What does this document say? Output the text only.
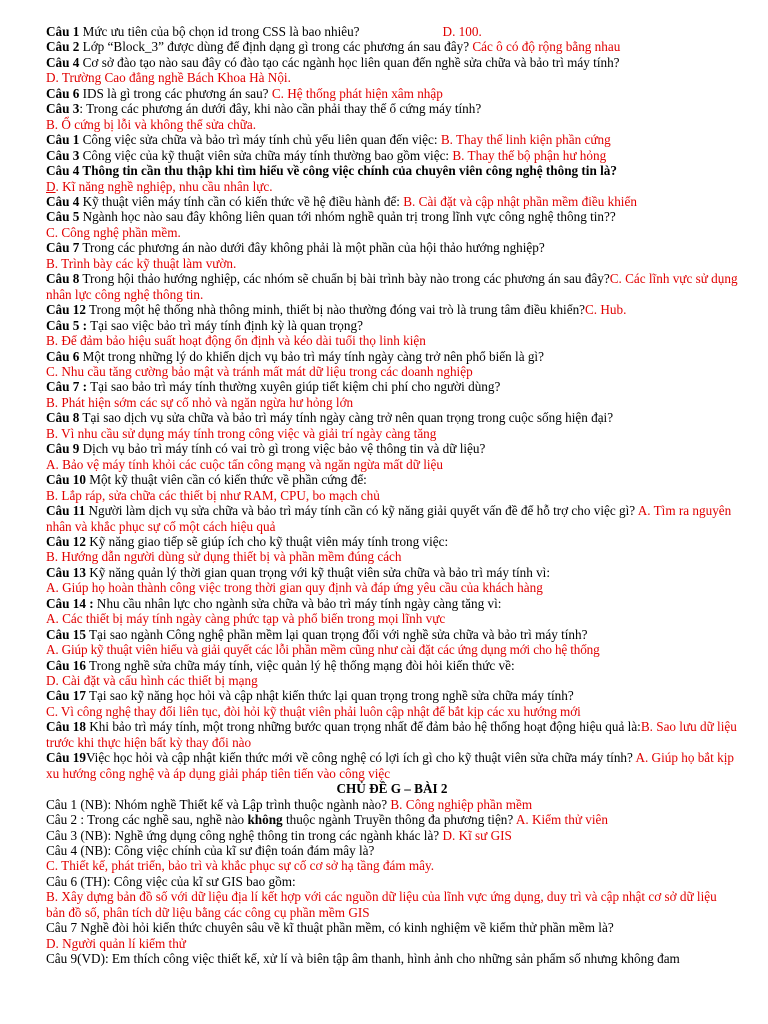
Câu 1 Mức ưu tiên của bộ chọn id trong CSS là bao nhiêu?	D. 100.

Câu 2 Lớp “Block_3” được dùng để định dạng gì trong các phương án sau đây? Các ô có độ rộng bằng nhau

Câu 4 Cơ sở đào tạo nào sau đây có đào tạo các ngành học liên quan đến nghề sửa chữa và bảo trì máy tính?
D. Trường Cao đẳng nghề Bách Khoa Hà Nội.

Câu 6 IDS là gì trong các phương án sau? C. Hệ thống phát hiện xâm nhập

Câu 3: Trong các phương án dưới đây, khi nào cần phải thay thế ổ cứng máy tính?
B. Ổ cứng bị lỗi và không thể sửa chữa.

Câu 1 Công việc sửa chữa và bảo trì máy tính chủ yếu liên quan đến việc: B. Thay thế linh kiện phần cứng

Câu 3 Công việc của kỹ thuật viên sửa chữa máy tính thường bao gồm việc: B. Thay thế bộ phận hư hỏng

Câu 4 Thông tin cần thu thập khi tìm hiểu về công việc chính của chuyên viên công nghệ thông tin là?
D. Kĩ năng nghề nghiệp, nhu cầu nhân lực.

Câu 4 Kỹ thuật viên máy tính cần có kiến thức về hệ điều hành để: B. Cài đặt và cập nhật phần mềm điều khiển

Câu 5 Ngành học nào sau đây không liên quan tới nhóm nghề quản trị trong lĩnh vực công nghệ thông tin??
C. Công nghệ phần mềm.

Câu 7 Trong các phương án nào dưới đây không phải là một phần của hội thảo hướng nghiệp?
B. Trình bày các kỹ thuật làm vườn.

Câu 8 Trong hội thảo hướng nghiệp, các nhóm sẽ chuẩn bị bài trình bày nào trong các phương án sau đây?C. Các lĩnh vực sử dụng nhân lực công nghệ thông tin.

Câu 12 Trong một hệ thống nhà thông minh, thiết bị nào thường đóng vai trò là trung tâm điều khiển?C. Hub.

Câu 5 : Tại sao việc bảo trì máy tính định kỳ là quan trọng?
B. Để đảm bảo hiệu suất hoạt động ổn định và kéo dài tuổi thọ linh kiện

Câu 6 Một trong những lý do khiến dịch vụ bảo trì máy tính ngày càng trở nên phổ biến là gì?
C. Nhu cầu tăng cường bảo mật và tránh mất mát dữ liệu trong các doanh nghiệp

Câu 7 : Tại sao bảo trì máy tính thường xuyên giúp tiết kiệm chi phí cho người dùng?
B. Phát hiện sớm các sự cố nhỏ và ngăn ngừa hư hỏng lớn

Câu 8 Tại sao dịch vụ sửa chữa và bảo trì máy tính ngày càng trở nên quan trọng trong cuộc sống hiện đại?
B. Vì nhu cầu sử dụng máy tính trong công việc và giải trí ngày càng tăng

Câu 9 Dịch vụ bảo trì máy tính có vai trò gì trong việc bảo vệ thông tin và dữ liệu?
A. Bảo vệ máy tính khỏi các cuộc tấn công mạng và ngăn ngừa mất dữ liệu

Câu 10 Một kỹ thuật viên cần có kiến thức về phần cứng để:
B. Lắp ráp, sửa chữa các thiết bị như RAM, CPU, bo mạch chủ

Câu 11 Người làm dịch vụ sửa chữa và bảo trì máy tính cần có kỹ năng giải quyết vấn đề để hỗ trợ cho việc gì? A. Tìm ra nguyên nhân và khắc phục sự cố một cách hiệu quả

Câu 12 Kỹ năng giao tiếp sẽ giúp ích cho kỹ thuật viên máy tính trong việc:
B. Hướng dẫn người dùng sử dụng thiết bị và phần mềm đúng cách

Câu 13 Kỹ năng quản lý thời gian quan trọng với kỹ thuật viên sửa chữa và bảo trì máy tính vì:
A. Giúp họ hoàn thành công việc trong thời gian quy định và đáp ứng yêu cầu của khách hàng

Câu 14 : Nhu cầu nhân lực cho ngành sửa chữa và bảo trì máy tính ngày càng tăng vì:
A. Các thiết bị máy tính ngày càng phức tạp và phổ biến trong mọi lĩnh vực

Câu 15 Tại sao ngành Công nghệ phần mềm lại quan trọng đối với nghề sửa chữa và bảo trì máy tính?
A. Giúp kỹ thuật viên hiểu và giải quyết các lỗi phần mềm cũng như cài đặt các ứng dụng mới cho hệ thống

Câu 16 Trong nghề sửa chữa máy tính, việc quản lý hệ thống mạng đòi hỏi kiến thức về:
D. Cài đặt và cấu hình các thiết bị mạng

Câu 17 Tại sao kỹ năng học hỏi và cập nhật kiến thức lại quan trọng trong nghề sửa chữa máy tính?
C. Vì công nghệ thay đổi liên tục, đòi hỏi kỹ thuật viên phải luôn cập nhật để bắt kịp các xu hướng mới

Câu 18 Khi bảo trì máy tính, một trong những bước quan trọng nhất để đảm bảo hệ thống hoạt động hiệu quả là:B. Sao lưu dữ liệu trước khi thực hiện bất kỳ thay đổi nào

Câu 19Việc học hỏi và cập nhật kiến thức mới về công nghệ có lợi ích gì cho kỹ thuật viên sửa chữa máy tính? A. Giúp họ bắt kịp xu hướng công nghệ và áp dụng giải pháp tiên tiến vào công việc

CHỦ ĐỀ G – BÀI 2

Câu 1 (NB): Nhóm nghề Thiết kế và Lập trình thuộc ngành nào? B. Công nghiệp phần mềm

Câu 2 : Trong các nghề sau, nghề nào không thuộc ngành Truyền thông đa phương tiện? A. Kiểm thử viên

Câu 3 (NB): Nghề ứng dụng công nghệ thông tin trong các ngành khác là? D. Kĩ sư GIS

Câu 4 (NB): Công việc chính của kĩ sư điện toán đám mây là?
C. Thiết kế, phát triển, bảo trì và khắc phục sự cố cơ sở hạ tầng đám mây.

Câu 6 (TH): Công việc của kĩ sư GIS bao gồm:
B. Xây dựng bản đồ số với dữ liệu địa lí kết hợp với các nguồn dữ liệu của lĩnh vực ứng dụng, duy trì và cập nhật cơ sở dữ liệu bản đồ số, phân tích dữ liệu bằng các công cụ phần mềm GIS

Câu 7 Nghề đòi hỏi kiến thức chuyên sâu về kĩ thuật phần mềm, có kinh nghiệm về kiểm thử phần mềm là?
D. Người quản lí kiểm thử

Câu 9(VD): Em thích công việc thiết kế, xử lí và biên tập âm thanh, hình ảnh cho những sản phẩm số nhưng không đam
